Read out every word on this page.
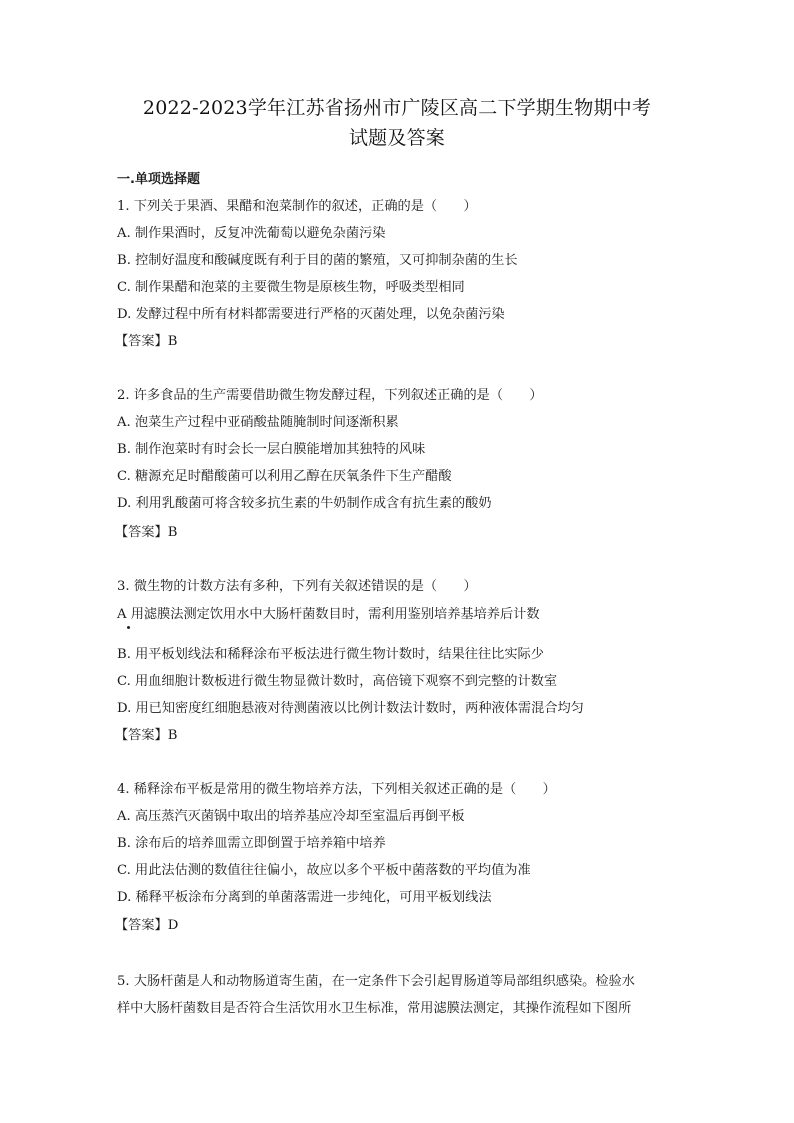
2022-2023学年江苏省扬州市广陵区高二下学期生物期中考
试题及答案
一.单项选择题
1. 下列关于果酒、果醋和泡菜制作的叙述，正确的是（　　）
A. 制作果酒时，反复冲洗葡萄以避免杂菌污染
B. 控制好温度和酸碱度既有利于目的菌的繁殖，又可抑制杂菌的生长
C. 制作果醋和泡菜的主要微生物是原核生物，呼吸类型相同
D. 发酵过程中所有材料都需要进行严格的灭菌处理，以免杂菌污染
【答案】B
2. 许多食品的生产需要借助微生物发酵过程，下列叙述正确的是（　　）
A. 泡菜生产过程中亚硝酸盐随腌制时间逐渐积累
B. 制作泡菜时有时会长一层白膜能增加其独特的风味
C. 糖源充足时醋酸菌可以利用乙醇在厌氧条件下生产醋酸
D. 利用乳酸菌可将含较多抗生素的牛奶制作成含有抗生素的酸奶
【答案】B
3. 微生物的计数方法有多种，下列有关叙述错误的是（　　）
A 用滤膜法测定饮用水中大肠杆菌数目时，需利用鉴别培养基培养后计数
B. 用平板划线法和稀释涂布平板法进行微生物计数时，结果往往比实际少
C. 用血细胞计数板进行微生物显微计数时，高倍镜下观察不到完整的计数室
D. 用已知密度红细胞悬液对待测菌液以比例计数法计数时，两种液体需混合均匀
【答案】B
4. 稀释涂布平板是常用的微生物培养方法，下列相关叙述正确的是（　　）
A. 高压蒸汽灭菌锅中取出的培养基应冷却至室温后再倒平板
B. 涂布后的培养皿需立即倒置于培养箱中培养
C. 用此法估测的数值往往偏小，故应以多个平板中菌落数的平均值为准
D. 稀释平板涂布分离到的单菌落需进一步纯化，可用平板划线法
【答案】D
5. 大肠杆菌是人和动物肠道寄生菌，在一定条件下会引起胃肠道等局部组织感染。检验水
样中大肠杆菌数目是否符合生活饮用水卫生标准，常用滤膜法测定，其操作流程如下图所
